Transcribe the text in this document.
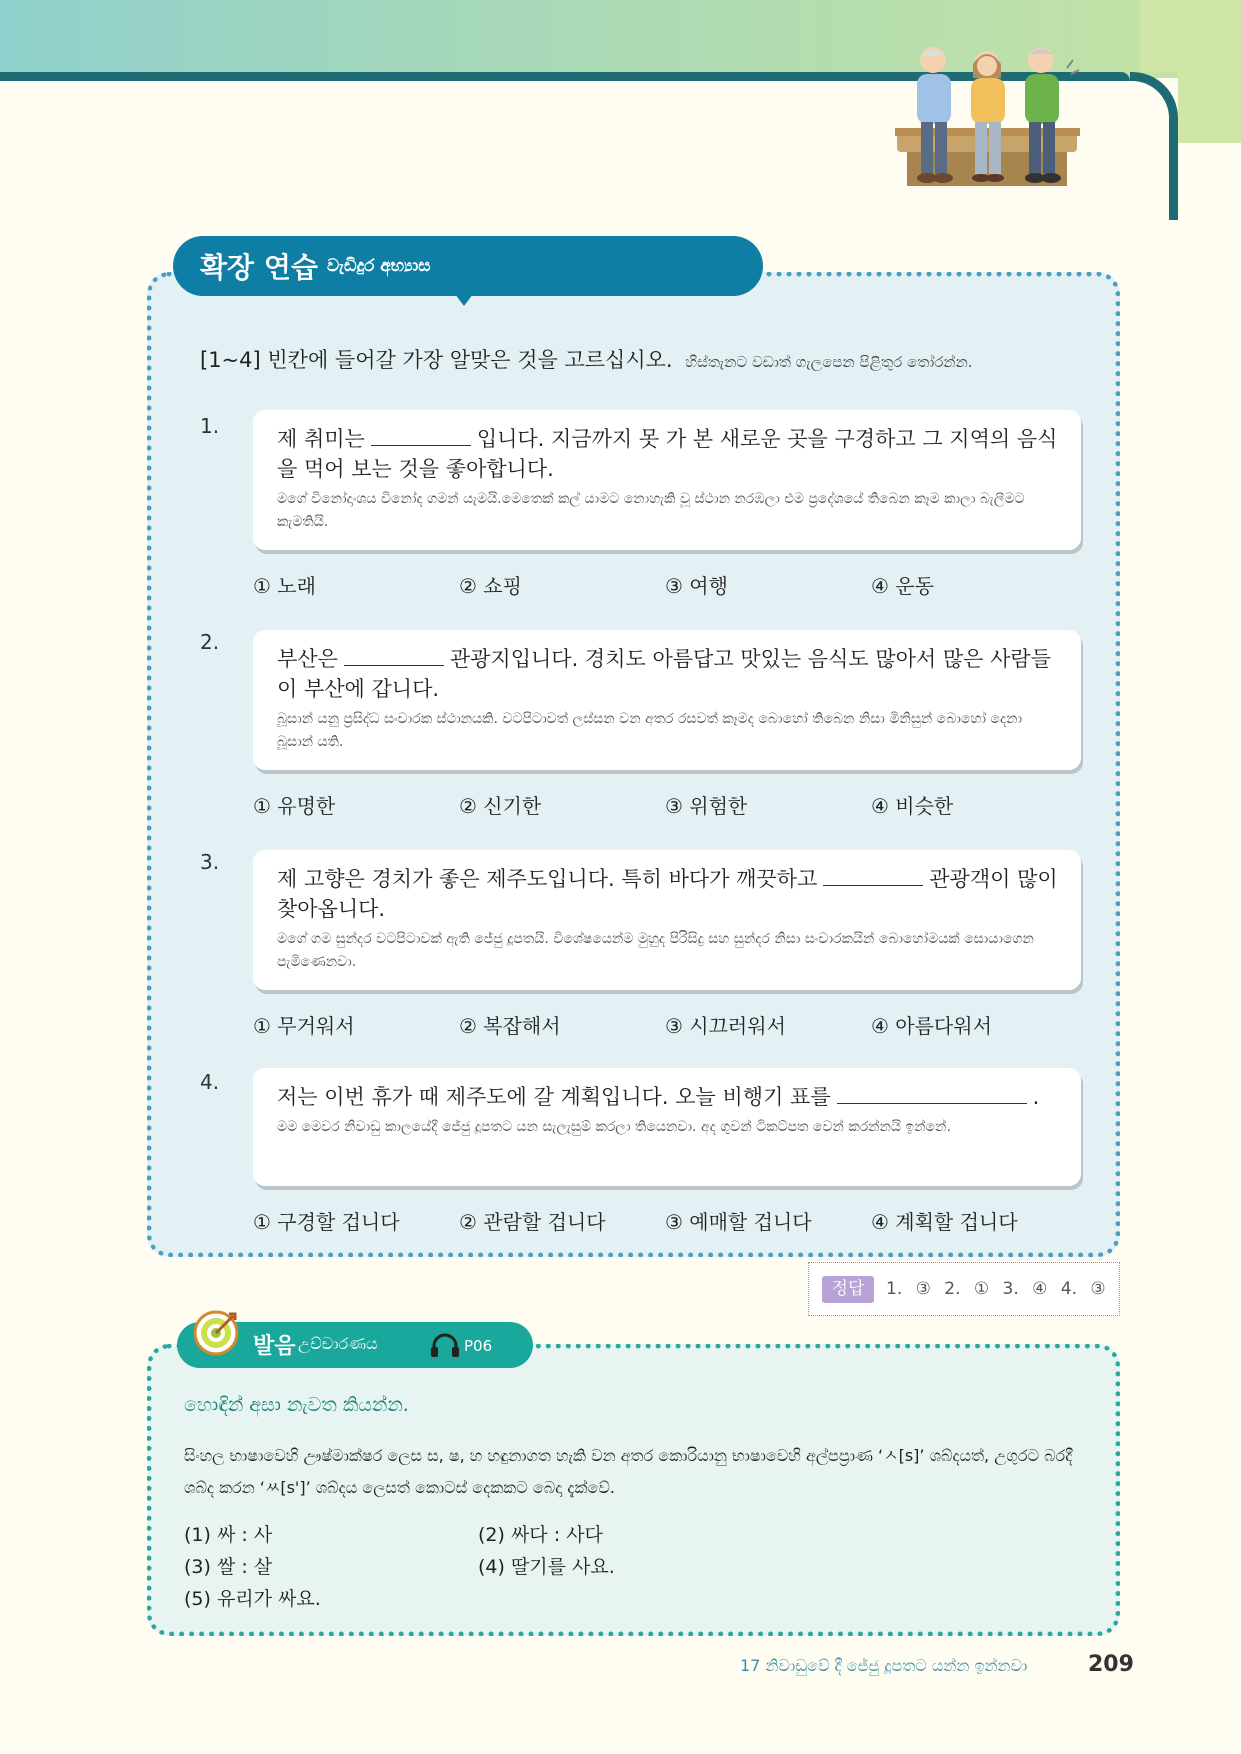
확장 연습 වැඩිදුර අභ්‍යාස
[1~4] 빈칸에 들어갈 가장 알맞은 것을 고르십시오. හිස්තැනට වඩාත් ගැලපෙන පිළිතුර තෝරන්න.
1.
제 취미는	입니다. 지금까지 못 가 본 새로운 곳을 구경하고 그 지역의 음식을 먹어 보는 것을 좋아합니다.
මගේ විනෝදාංශය විනෝද ගමන් යැමයි.මෙතෙක් කල් යාමට නොහැකි වූ ස්ථාන නරඹලා එම ප්‍රදේශයේ තිබෙන කෑම කාලා බැලීමට කැමතියි.
① 노래	② 쇼핑	③ 여행	④ 운동
2.
부산은	관광지입니다. 경치도 아름답고 맛있는 음식도 많아서 많은 사람들이 부산에 갑니다.
බූසාන් යනු ප්‍රසිද්ධ සංචාරක ස්ථානයකි. වටපිටාවත් ලස්සන වන අතර රසවත් කෑමද බොහෝ තිබෙන නිසා මිනිසුන් බොහෝ දෙනා බූසාන් යති.
① 유명한	② 신기한	③ 위험한	④ 비슷한
3.
제 고향은 경치가 좋은 제주도입니다. 특히 바다가 깨끗하고	관광객이 많이 찾아옵니다.
මගේ ගම සුන්දර වටපිටාවක් ඇති ජේජු දූපතයි. විශේෂයෙන්ම මුහුද පිරිසිදු සහ සුන්දර නිසා සංචාරකයින් බොහෝමයක් සොයාගෙන පැමිණෙනවා.
① 무거워서	② 복잡해서	③ 시끄러워서	④ 아름다워서
4.
저는 이번 휴가 때 제주도에 갈 계획입니다. 오늘 비행기 표를	.
මම මෙවර නිවාඩු කාලයේදී ජේජු දූපතට යන සැලැසුම් කරලා තියෙනවා. අද ගුවන් ටිකට්පත වෙන් කරන්නයි ඉන්නේ.
① 구경할 겁니다	② 관람할 겁니다	③ 예매할 겁니다	④ 계획할 겁니다
정답	1. ③ 2. ① 3. ④ 4. ③
발음 උච්චාරණය	P06
හොඳින් අසා නැවත කියන්න.
සිංහල භාෂාවෙහි ඌෂ්මාක්ෂර ලෙස ස, ෂ, හ හඳුනාගත හැකි වන අතර කොරියානු භාෂාවෙහි අල්පප්‍රාණ ‘ㅅ[s]’ ශබ්දයත්, උගුරට බරදී ශබ්ද කරන ‘ㅆ[s']’ ශබ්දය ලෙසත් කොටස් දෙකකට බෙදා දැක්වේ.
(1) 싸 : 사	(2) 싸다 : 사다
(3) 쌀 : 살	(4) 딸기를 사요.
(5) 유리가 싸요.
17 නිවාඩුවේ දී ජේජු දූපතට යන්න ඉන්නවා	209
